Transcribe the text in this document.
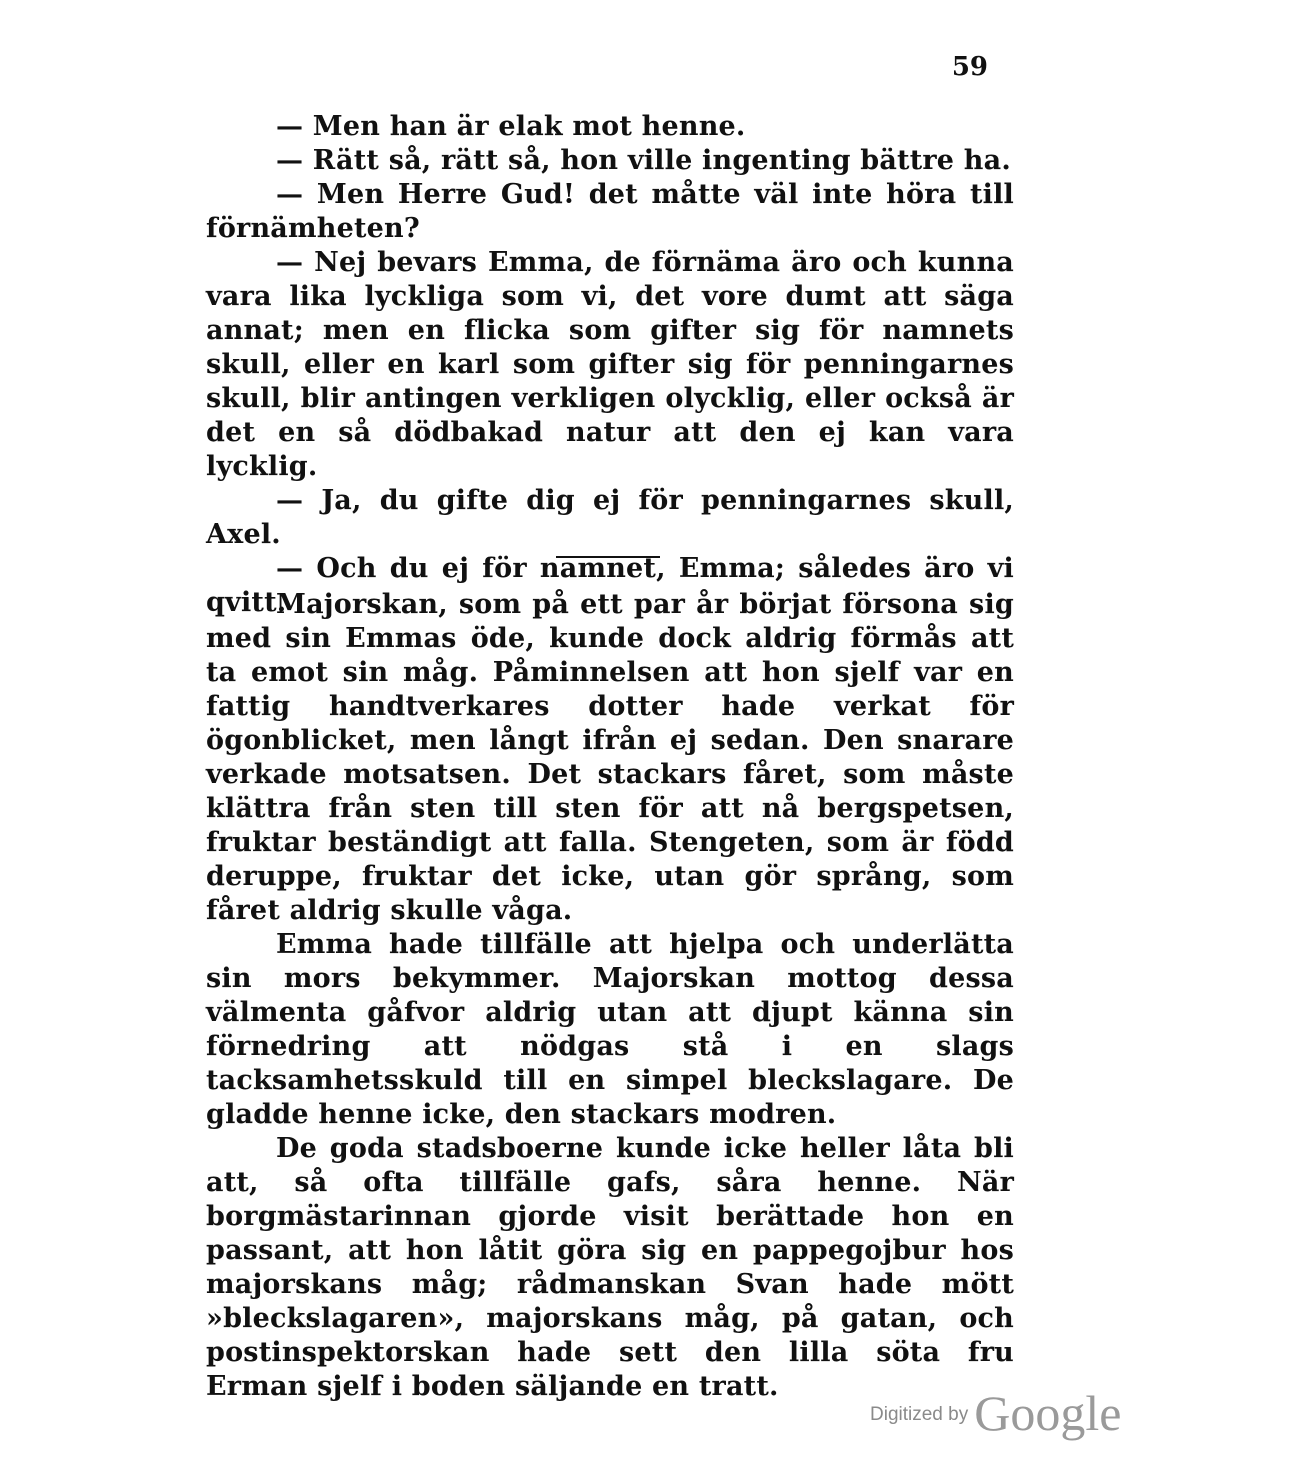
59

— Men han är elak mot henne.

— Rätt så, rätt så, hon ville ingenting bättre ha.

— Men Herre Gud! det måtte väl inte höra till förnämheten?

— Nej bevars Emma, de förnäma äro och kunna vara lika lyckliga som vi, det vore dumt att säga annat; men en flicka som gifter sig för namnets skull, eller en karl som gifter sig för penningarnes skull, blir antingen verkligen olycklig, eller också är det en så dödbakad natur att den ej kan vara lycklig.

— Ja, du gifte dig ej för penningarnes skull, Axel.

— Och du ej för namnet, Emma; således äro vi qvitt.

Majorskan, som på ett par år börjat försona sig med sin Emmas öde, kunde dock aldrig förmås att ta emot sin måg. Påminnelsen att hon sjelf var en fattig handtverkares dotter hade verkat för ögonblicket, men långt ifrån ej sedan. Den snarare verkade motsatsen. Det stackars fåret, som måste klättra från sten till sten för att nå bergspetsen, fruktar beständigt att falla. Stengeten, som är född deruppe, fruktar det icke, utan gör språng, som fåret aldrig skulle våga.

Emma hade tillfälle att hjelpa och underlätta sin mors bekymmer. Majorskan mottog dessa välmenta gåfvor aldrig utan att djupt känna sin förnedring att nödgas stå i en slags tacksamhetsskuld till en simpel bleckslagare. De gladde henne icke, den stackars modren.

De goda stadsboerne kunde icke heller låta bli att, så ofta tillfälle gafs, såra henne. När borgmästarinnan gjorde visit berättade hon en passant, att hon låtit göra sig en pappegojbur hos majorskans måg; rådmanskan Svan hade mött »bleckslagaren», majorskans måg, på gatan, och postinspektorskan hade sett den lilla söta fru Erman sjelf i boden säljande en tratt.

Digitized by Google
